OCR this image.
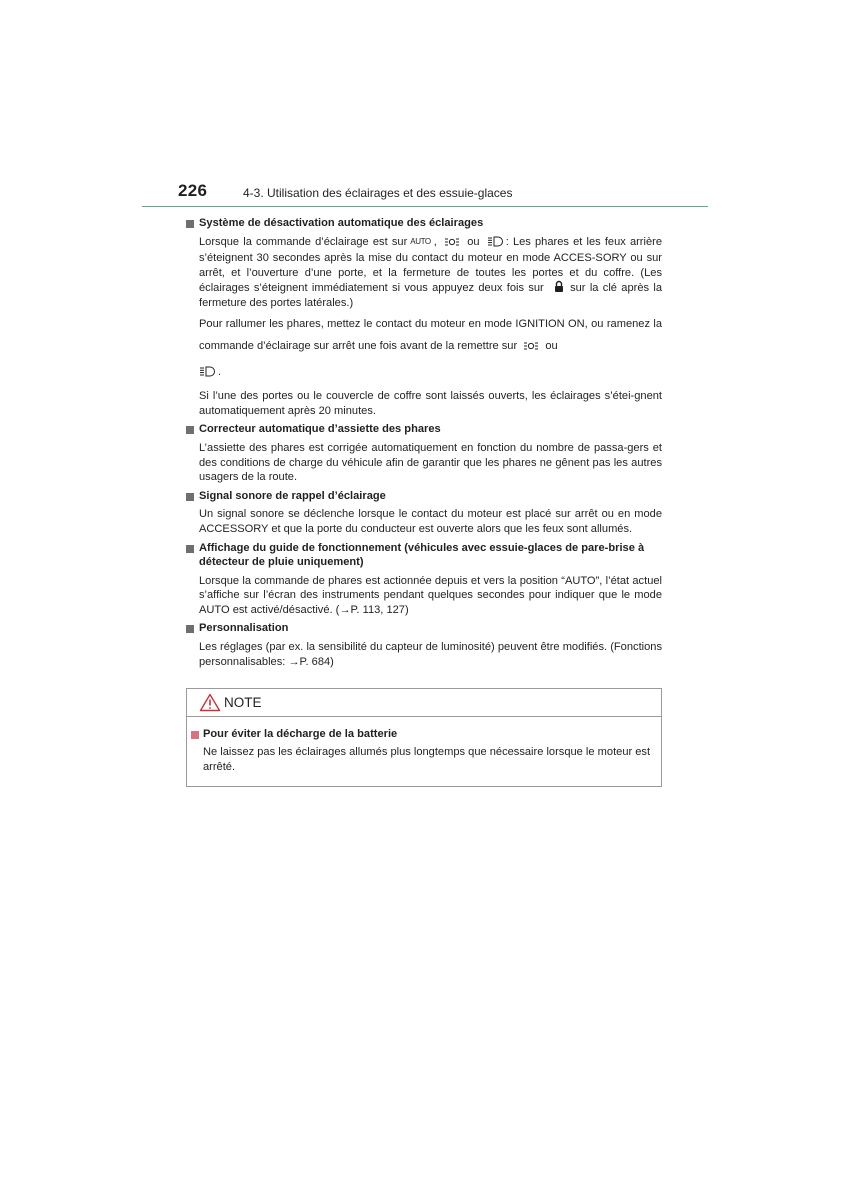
226	4-3. Utilisation des éclairages et des essuie-glaces
Système de désactivation automatique des éclairages
Lorsque la commande d’éclairage est sur AUTO ,	ou : Les phares et les feux arrière s’éteignent 30 secondes après la mise du contact du moteur en mode ACCES-SORY ou sur arrêt, et l’ouverture d’une porte, et la fermeture de toutes les portes et du coffre. (Les éclairages s’éteignent immédiatement si vous appuyez deux fois sur sur la clé après la fermeture des portes latérales.)
Pour rallumer les phares, mettez le contact du moteur en mode IGNITION ON, ou ramenez la commande d’éclairage sur arrêt une fois avant de la remettre sur	ou
.
Si l’une des portes ou le couvercle de coffre sont laissés ouverts, les éclairages s’étei-gnent automatiquement après 20 minutes.
Correcteur automatique d’assiette des phares
L’assiette des phares est corrigée automatiquement en fonction du nombre de passa-gers et des conditions de charge du véhicule afin de garantir que les phares ne gênent pas les autres usagers de la route.
Signal sonore de rappel d’éclairage
Un signal sonore se déclenche lorsque le contact du moteur est placé sur arrêt ou en mode ACCESSORY et que la porte du conducteur est ouverte alors que les feux sont allumés.
Affichage du guide de fonctionnement (véhicules avec essuie-glaces de pare-brise à détecteur de pluie uniquement)
Lorsque la commande de phares est actionnée depuis et vers la position “AUTO”, l’état actuel s’affiche sur l’écran des instruments pendant quelques secondes pour indiquer que le mode AUTO est activé/désactivé. (→P. 113, 127)
Personnalisation
Les réglages (par ex. la sensibilité du capteur de luminosité) peuvent être modifiés. (Fonctions personnalisables: →P. 684)
NOTE
Pour éviter la décharge de la batterie
Ne laissez pas les éclairages allumés plus longtemps que nécessaire lorsque le moteur est arrêté.
